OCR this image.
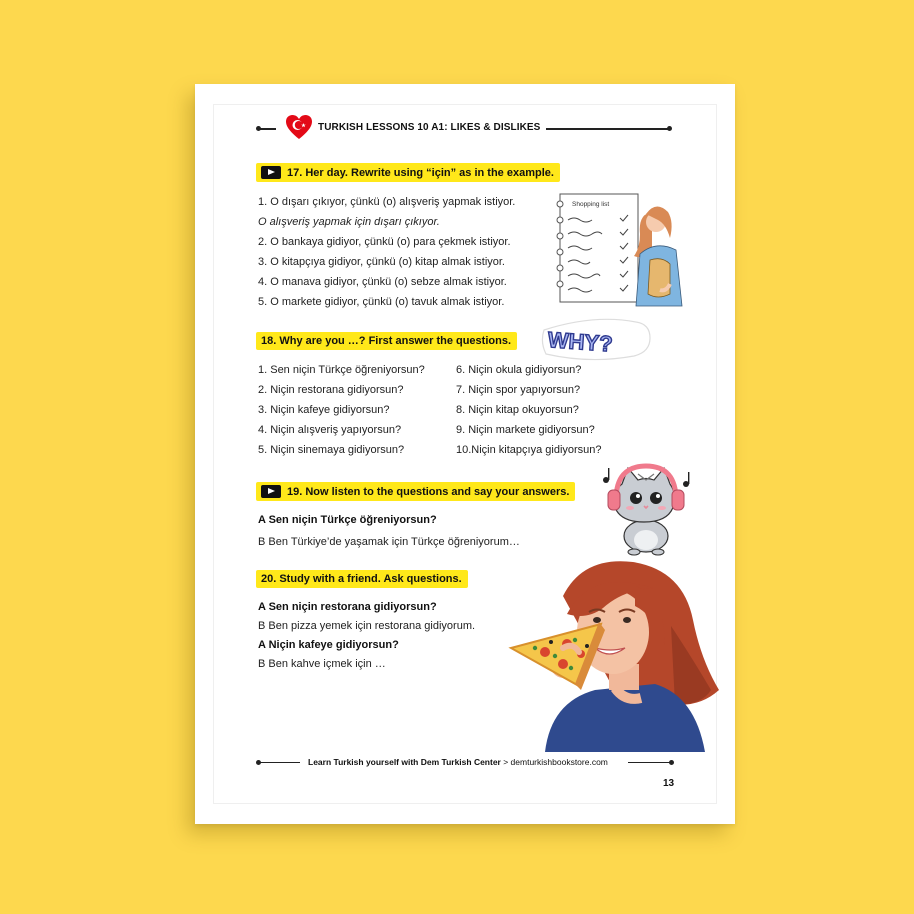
TURKISH LESSONS 10 A1: LIKES & DISLIKES
17. Her day. Rewrite using “için” as in the example.
1. O dışarı çıkıyor, çünkü (o) alışveriş yapmak istiyor.
O alışveriş yapmak için dışarı çıkıyor.
2. O bankaya gidiyor, çünkü (o) para çekmek istiyor.
3. O kitapçıya gidiyor, çünkü (o) kitap almak istiyor.
4. O manava gidiyor, çünkü (o) sebze almak istiyor.
5. O markete gidiyor, çünkü (o) tavuk almak istiyor.
Shopping list
18. Why are you …? First answer the questions. WHY?
1. Sen niçin Türkçe öğreniyorsun?
2. Niçin restorana gidiyorsun?
3. Niçin kafeye gidiyorsun?
4. Niçin alışveriş yapıyorsun?
5. Niçin sinemaya gidiyorsun?
6. Niçin okula gidiyorsun?
7. Niçin spor yapıyorsun?
8. Niçin kitap okuyorsun?
9. Niçin markete gidiyorsun?
10.Niçin kitapçıya gidiyorsun?
19. Now listen to the questions and say your answers.
A Sen niçin Türkçe öğreniyorsun?
B Ben Türkiye’de yaşamak için Türkçe öğreniyorum…
20. Study with a friend. Ask questions.
A Sen niçin restorana gidiyorsun?
B Ben pizza yemek için restorana gidiyorum.
A Niçin kafeye gidiyorsun?
B Ben kahve içmek için …
Learn Turkish yourself with Dem Turkish Center > demturkishbookstore.com
13
